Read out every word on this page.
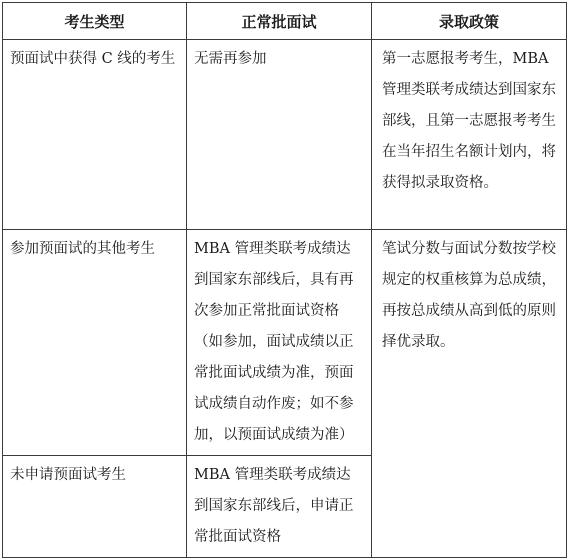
考生类型	正常批面试	录取政策

预面试中获得 C 线的考生	无需再参加	第一志愿报考考生，MBA 管理类联考成绩达到国家东部线，且第一志愿报考考生在当年招生名额计划内，将获得拟录取资格。

参加预面试的其他考生	MBA 管理类联考成绩达到国家东部线后，具有再次参加正常批面试资格（如参加，面试成绩以正常批面试成绩为准，预面试成绩自动作废；如不参加，以预面试成绩为准）	笔试分数与面试分数按学校规定的权重核算为总成绩，再按总成绩从高到低的原则择优录取。

未申请预面试考生	MBA 管理类联考成绩达到国家东部线后，申请正常批面试资格	
